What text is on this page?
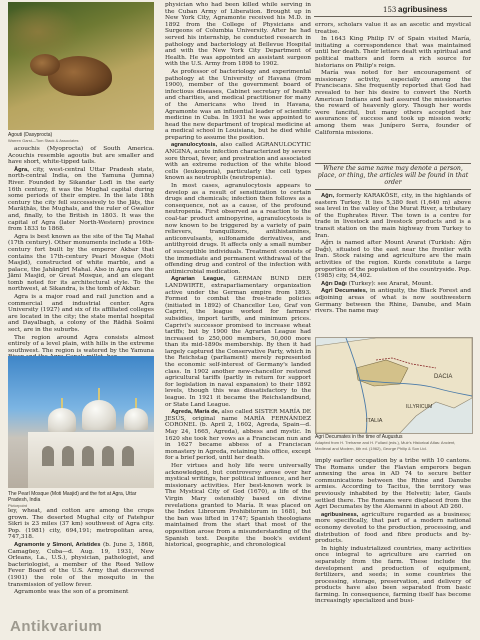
153 agribusiness
Agouti (Dasyprocta)
Warren Garst—Tom Stack & Associates

acouchis (Myoprocta) of South America. Acouchis resemble agoutis but are smaller and have short, white-tipped tails.

Āgra, city, west-central Uttar Pradesh state, north-central India, on the Yamuna (Jumna) River. Founded by Sikandar Lodī in the early 16th century, it was the Mughal capital during some periods of their empire. In the late 18th century the city fell successively to the Jāṭs, the Marāṭhās, the Mughals, and the ruler of Gwalior and, finally, to the British in 1803. It was the capital of Agra (later North-Western) province from 1833 to 1868.

Agra is best known as the site of the Taj Mahal (17th century). Other monuments include a 16th-century fort built by the emperor Akbar that contains the 17th-century Pearl Mosque (Moti Masjid), constructed of white marble, and a palace, the Jahāngīrī Mahal. Also in Agra are the Jāmi Masjid, or Great Mosque, and an elegant tomb noted for its architectural style. To the northwest, at Sikandra, is the tomb of Akbar.

Agra is a major road and rail junction and a commercial and industrial center. Agra University (1927) and six of its affiliated colleges are located in the city; the state mental hospital and Dayalbagh, a colony of the Rādhā Soāmi sect, are in the suburbs.

The region around Agra consists almost entirely of a level plain, with hills in the extreme southwest. The region is watered by the Yamuna

The Pearl Mosque (Moti Masjid) and the fort at Agra, Uttar Pradesh, India
Pictorpoint

ley, wheat, and cotton are among the crops grown. The deserted Mughal city of Fatehpur Sikri is 23 miles (37 km) southwest of Agra city. Pop. (1981) city, 694,191; metropolitan area, 747,318.

Agramonte y Simoni, Arístides (b. June 3, 1868, Camagüey, Cuba—d. Aug. 19, 1931, New Orleans, La., U.S.), physician, pathologist, and bacteriologist, a member of the Reed Yellow Fever Board of the U.S. Army that discovered (1901) the role of the mosquito in the transmission of yellow fever.

Agramonte was the son of a prominent

physician who had been killed while serving in the Cuban Army of Liberation. Brought up in New York City, Agramonte received his M.D. in 1892 from the College of Physicians and Surgeons of Columbia University. After he had served his internship, he conducted research in pathology and bacteriology at Bellevue Hospital and with the New York City Department of Health. He was appointed an assistant surgeon with the U.S. Army from 1898 to 1902.

As professor of bacteriology and experimental pathology at the University of Havana (from 1900), member of the government board of infectious diseases, Cabinet secretary of health and charities, and medical practitioner for many of the Americans who lived in Havana, Agramonte was an influential leader of scientific medicine in Cuba. In 1931 he was appointed to head the new department of tropical medicine at a medical school in Louisiana, but he died while preparing to assume the position.

agranulocytosis, also called AGRANULOCYTIC ANGINA, acute infection characterized by severe sore throat, fever, and prostration and associated with an extreme reduction of the white blood cells (leukopenia), particularly the cell types known as neutrophils (neutropenia).

In most cases, agranulocytosis appears to develop as a result of sensitization to certain drugs and chemicals; infection then follows as a consequence, not as a cause, of the profound neutropenia. First observed as a reaction to the coal-tar product aminopyrine, agranulocytosis is now known to be triggered by a variety of pain relievers, tranquilizers, antihistamines, anticonvulsants, sulfonamide derivatives, and antithyroid drugs. It affects only a small number of susceptible individuals. Treatment consists of the immediate and permanent withdrawal of the offending drug and control of the infection with antimicrobial medication.

Agrarian League, GERMAN BUND DER LANDWIRTE, extraparliamentary organization active under the German empire from 1893. Formed to combat the free-trade policies (initiated in 1892) of Chancellor Leo, Graf von Caprivi, the league worked for farmers' subsidies, import tariffs, and minimum prices. Caprivi's successor promised to increase wheat tariffs; but by 1900 the Agrarian League had increased to 250,000 members, 50,000 more than its mid-1890s membership. By then it had largely captured the Conservative Party, which in the Reichstag (parliament) merely represented the economic self-interest of Germany's landed class. In 1902 another new-chancellor restored agricultural tariffs (partly in return for support for legislation in naval expansion) to their 1892 levels, though this was dissatisfactory to the league. In 1921 it became the Reichslandbund, or State Land League.

Agreda, María de, also called SISTER MARÍA DE JESÚS, original name MARÍA FERNÁNDEZ CORONEL (b. April 2, 1602, Agreda, Spain—d. May 24, 1665, Agreda), abbess and mystic. In 1620 she took her vows as a Franciscan nun and in 1627 became abbess of a Franciscan monastery in Agreda, retaining this office, except for a brief period, until her death.

Her virtues and holy life were universally acknowledged, but controversy arose over her mystical writings, her political influence, and her missionary activities. Her best-known work is The Mystical City of God (1670), a life of the Virgin Mary ostensibly based on divine revelations granted to María. It was placed on the Index Librorum Prohibitorum in 1681, but the ban was lifted in 1747; Spanish theologians maintained from the start that most of the opposition arose from a misunderstanding of the Spanish text. Despite the book's evident historical, geographic, and chronological

errors, scholars value it as an ascetic and mystical treatise.

In 1643 King Philip IV of Spain visited María, initiating a correspondence that was maintained until her death. Their letters dealt with spiritual and political matters and form a rich source for historians on Philip's reign.

María was noted for her encouragement of missionary activity, especially among the Franciscans. She frequently reported that God had revealed to her his desire to convert the North American Indians and had assured the missionaries the reward of heavenly glory. Though her words were fanciful, but many others accepted her assurances of success and took up mission work; among them was Junípero Serra, founder of California missions.

Where the same name may denote a person, place, or thing, the articles will be found in that order

Ağrı, formerly KARAKÖSE, city, in the highlands of eastern Turkey. It lies 5,380 feet (1,640 m) above sea level in the valley of the Murat River, a tributary of the Euphrates River. The town is a centre for trade in livestock and livestock products and is a transit station on the main highway from Turkey to Iran.

Ağrı is named after Mount Ararat (Turkish: Ağrı Dağı), situated to the east near the frontier with Iran. Stock raising and agriculture are the main activities of the region. Kurds constitute a large proportion of the population of the countryside. Pop. (1985) city, 54,402.

Ağrı Dağı (Turkey): see Ararat, Mount.

Agri Decumates, in antiquity, the Black Forest and adjoining areas of what is now southwestern Germany between the Rhine, Danube, and Main rivers. The name may

DACIA
ILLYRICUM
ITALIA
Agri Decumates in the time of Augustus
Adapted from H. Treharne and H. Fullard (eds.), Muir's Historical Atlas: Ancient, Medieval and Modern, 6th ed. (1962), George Philip & Son Ltd.

imply earlier occupation by a tribe with 10 cantons. The Romans under the Flavian emperors began annexing the area in AD 74 to secure better communications between the Rhine and Danube armies. According to Tacitus, the territory was previously inhabited by the Helvetii; later, Gauls settled there. The Romans were displaced from the Agri Decumates by the Alemanni in about AD 260.

agribusiness, agriculture regarded as a business; more specifically, that part of a modern national economy devoted to the production, processing, and distribution of food and fibre products and by-products.

In highly industrialized countries, many activities once integral to agriculture are carried on separately from the farm. These include the development and production of equipment, fertilizers, and seeds; in some countries the processing, storage, preservation, and delivery of products have also been separated from basic farming. In consequence, farming itself has become increasingly specialized and busi-

Antikvarium
